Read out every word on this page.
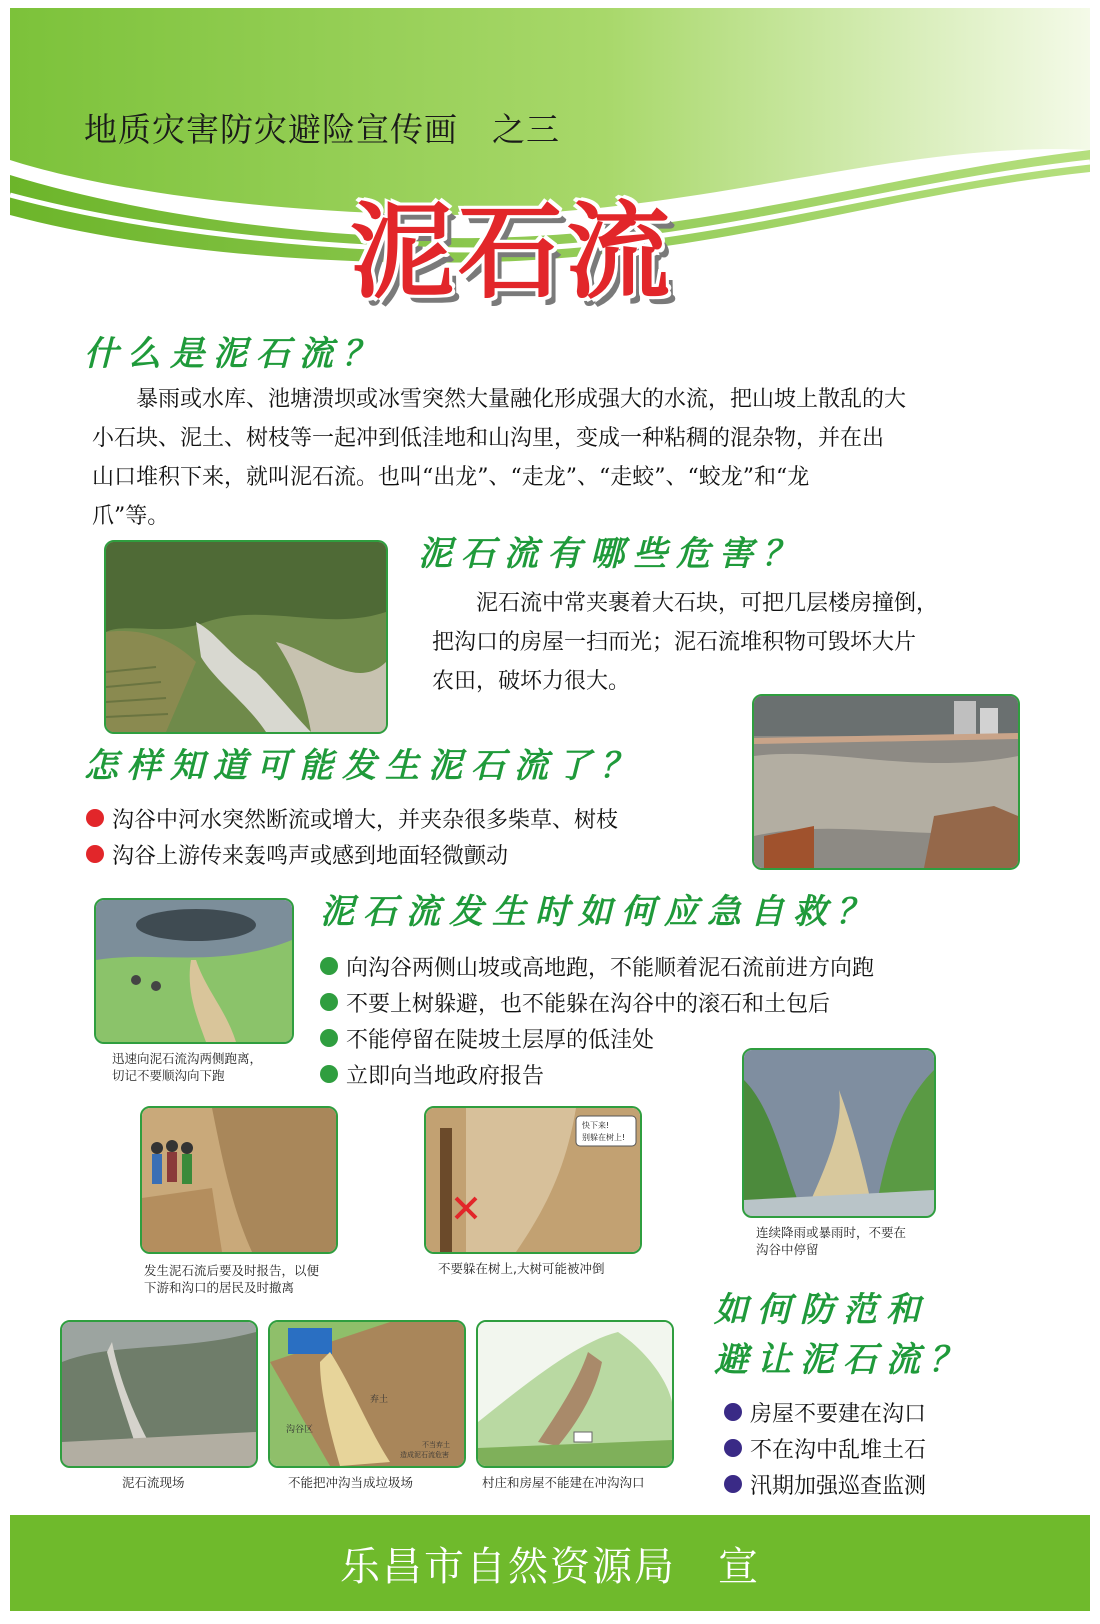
地质灾害防灾避险宣传画　之三
泥石流
什么是泥石流？
　　暴雨或水库、池塘溃坝或冰雪突然大量融化形成强大的水流，把山坡上散乱的大
小石块、泥土、树枝等一起冲到低洼地和山沟里，变成一种粘稠的混杂物，并在出
山口堆积下来，就叫泥石流。也叫“出龙”、“走龙”、“走蛟”、“蛟龙”和“龙
爪”等。
泥石流有哪些危害？
　　泥石流中常夹裹着大石块，可把几层楼房撞倒，
把沟口的房屋一扫而光；泥石流堆积物可毁坏大片
农田，破坏力很大。
怎样知道可能发生泥石流了？
沟谷中河水突然断流或增大，并夹杂很多柴草、树枝
沟谷上游传来轰鸣声或感到地面轻微颤动
迅速向泥石流沟两侧跑离，
切记不要顺沟向下跑
泥石流发生时如何应急自救？
向沟谷两侧山坡或高地跑，不能顺着泥石流前进方向跑
不要上树躲避，也不能躲在沟谷中的滚石和土包后
不能停留在陡坡土层厚的低洼处
立即向当地政府报告
发生泥石流后要及时报告，以便
下游和沟口的居民及时撤离
快下来!
别躲在树上!
不要躲在树上,大树可能被冲倒
连续降雨或暴雨时，不要在
沟谷中停留
泥石流现场
弃土
沟谷区
不当弃土
造成泥石流危害
不能把冲沟当成垃圾场	村庄和房屋不能建在冲沟沟口
如何防范和
避让泥石流？
房屋不要建在沟口
不在沟中乱堆土石
汛期加强巡查监测
乐昌市自然资源局　宣
